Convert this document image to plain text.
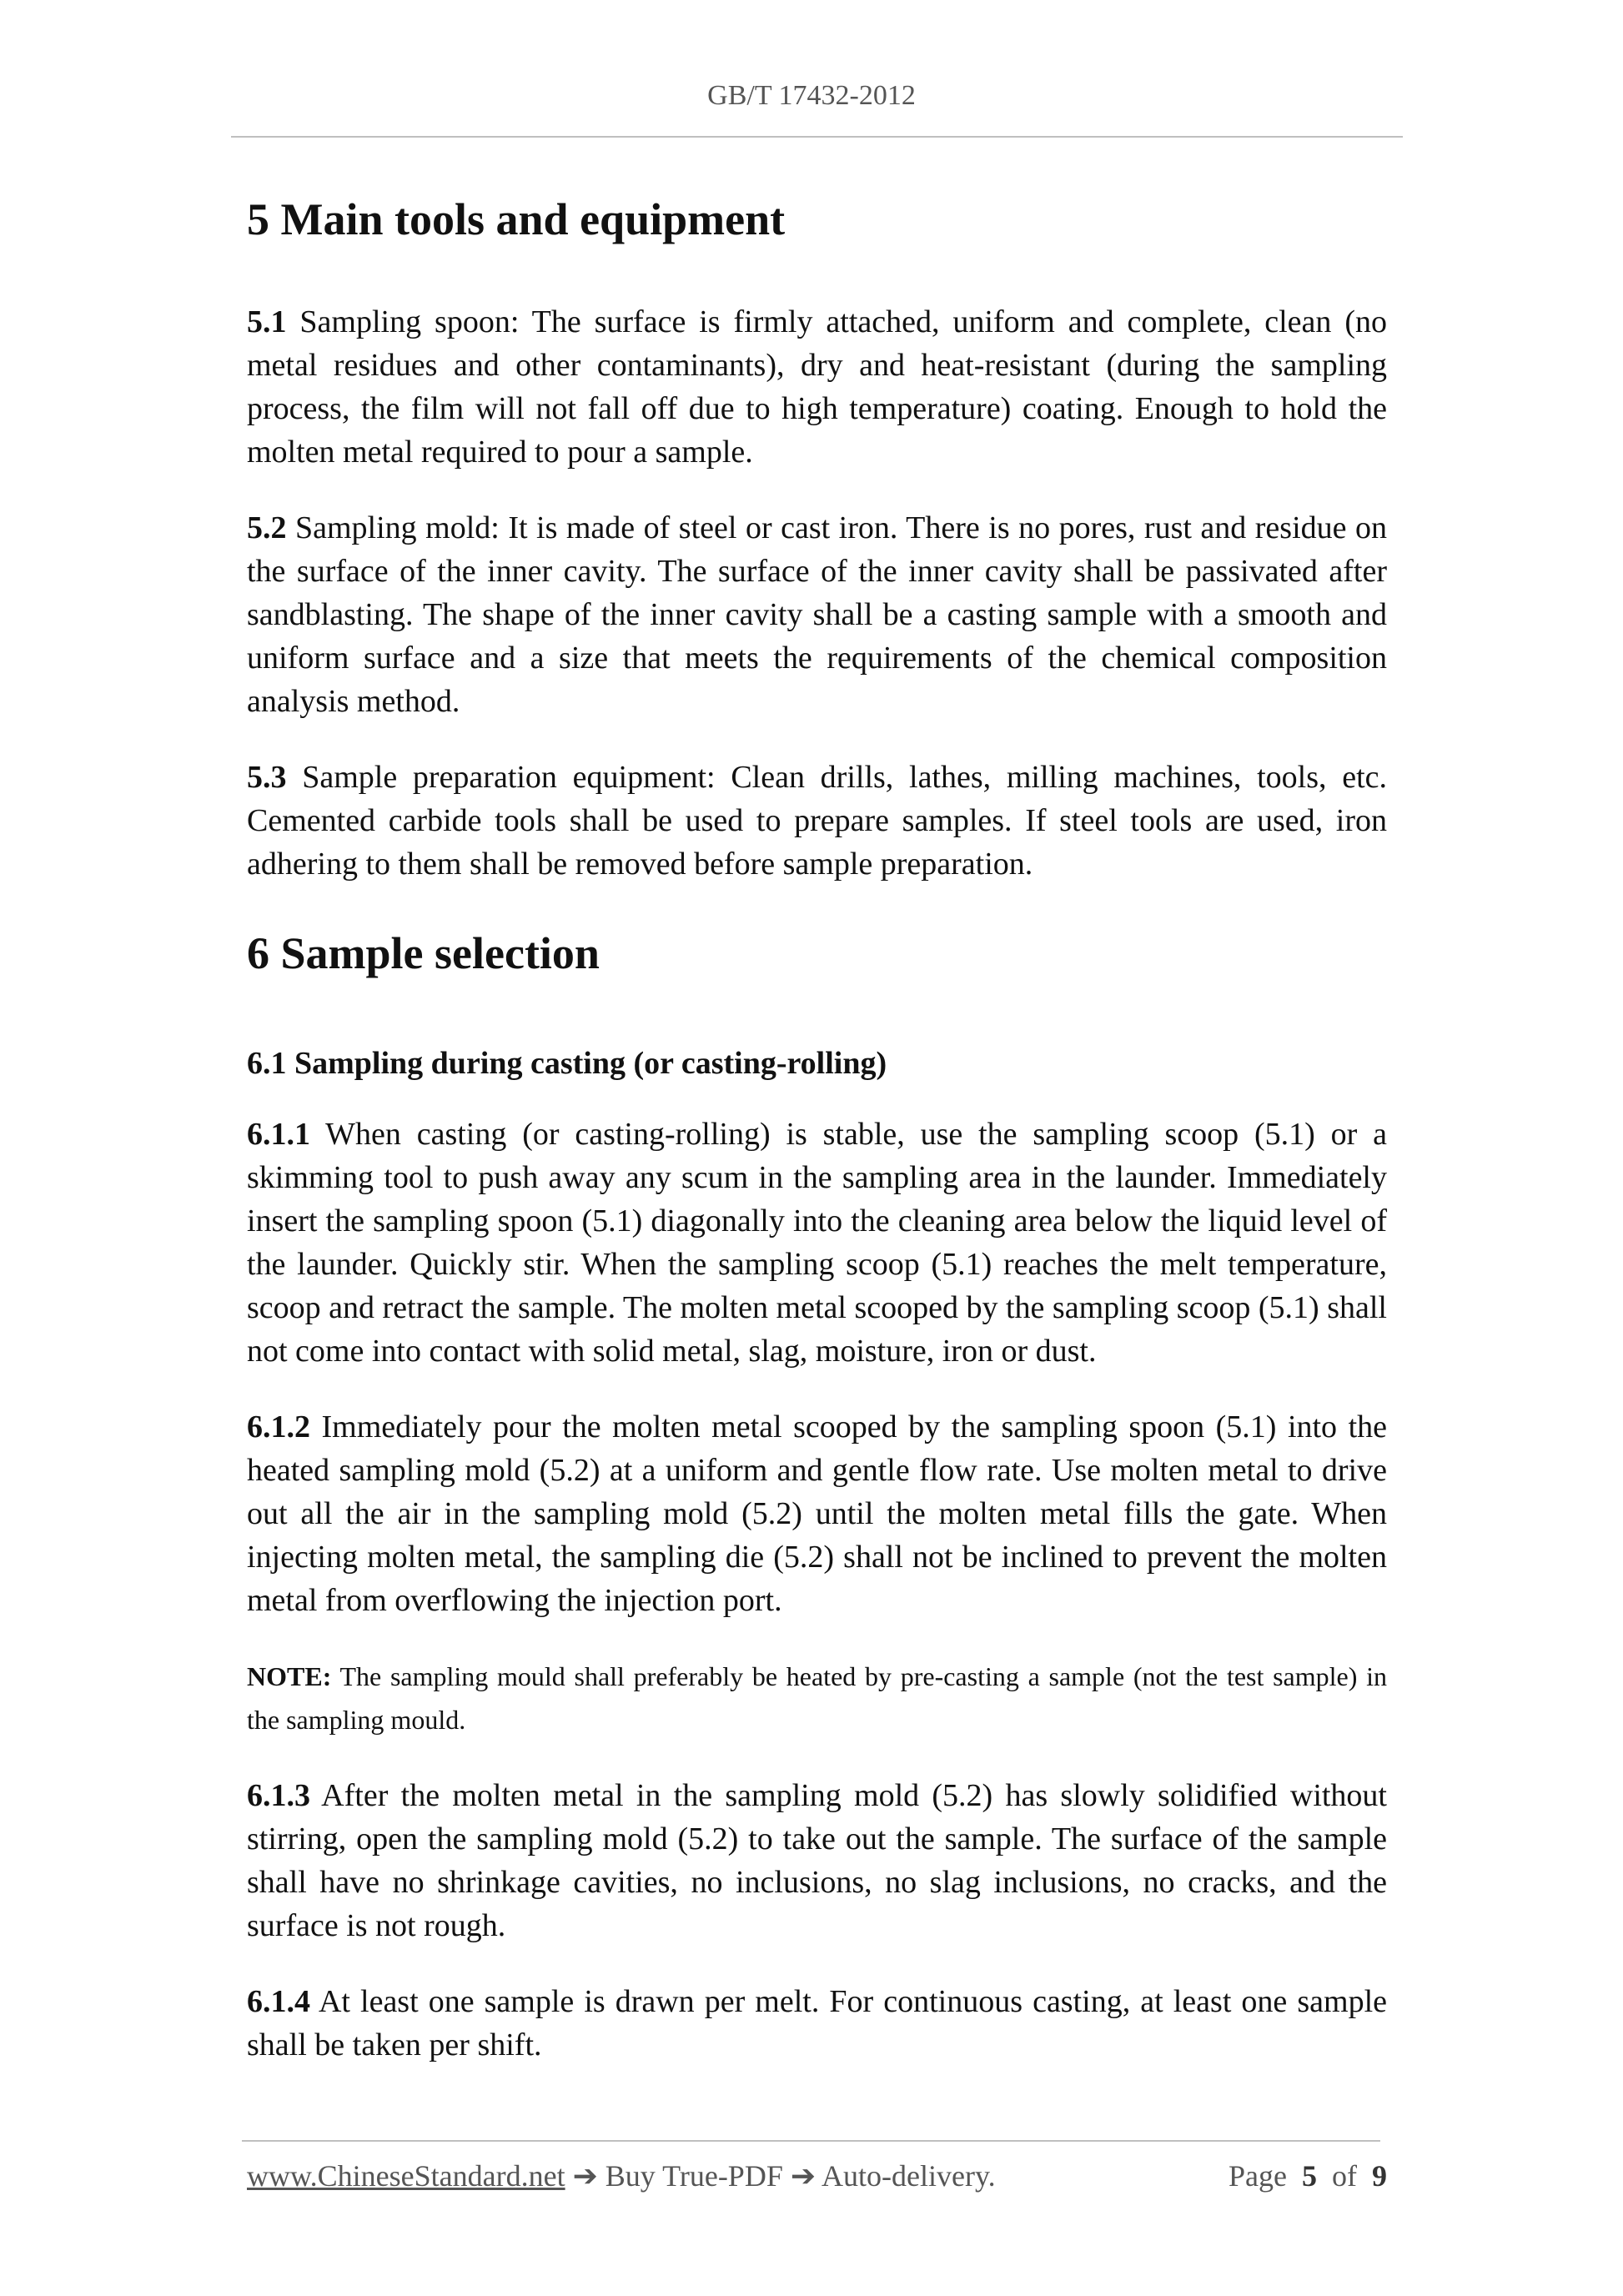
GB/T 17432-2012
5 Main tools and equipment

5.1 Sampling spoon: The surface is firmly attached, uniform and complete, clean (no metal residues and other contaminants), dry and heat-resistant (during the sampling process, the film will not fall off due to high temperature) coating. Enough to hold the molten metal required to pour a sample.

5.2 Sampling mold: It is made of steel or cast iron. There is no pores, rust and residue on the surface of the inner cavity. The surface of the inner cavity shall be passivated after sandblasting. The shape of the inner cavity shall be a casting sample with a smooth and uniform surface and a size that meets the requirements of the chemical composition analysis method.

5.3 Sample preparation equipment: Clean drills, lathes, milling machines, tools, etc. Cemented carbide tools shall be used to prepare samples. If steel tools are used, iron adhering to them shall be removed before sample preparation.

6 Sample selection
6.1 Sampling during casting (or casting-rolling)

6.1.1 When casting (or casting-rolling) is stable, use the sampling scoop (5.1) or a skimming tool to push away any scum in the sampling area in the launder. Immediately insert the sampling spoon (5.1) diagonally into the cleaning area below the liquid level of the launder. Quickly stir. When the sampling scoop (5.1) reaches the melt temperature, scoop and retract the sample. The molten metal scooped by the sampling scoop (5.1) shall not come into contact with solid metal, slag, moisture, iron or dust.

6.1.2 Immediately pour the molten metal scooped by the sampling spoon (5.1) into the heated sampling mold (5.2) at a uniform and gentle flow rate. Use molten metal to drive out all the air in the sampling mold (5.2) until the molten metal fills the gate. When injecting molten metal, the sampling die (5.2) shall not be inclined to prevent the molten metal from overflowing the injection port.

NOTE: The sampling mould shall preferably be heated by pre-casting a sample (not the test sample) in the sampling mould.

6.1.3 After the molten metal in the sampling mold (5.2) has slowly solidified without stirring, open the sampling mold (5.2) to take out the sample. The surface of the sample shall have no shrinkage cavities, no inclusions, no slag inclusions, no cracks, and the surface is not rough.

6.1.4 At least one sample is drawn per melt. For continuous casting, at least one sample shall be taken per shift.

www.ChineseStandard.net ➔ Buy True-PDF ➔ Auto-delivery.	Page 5 of 9
